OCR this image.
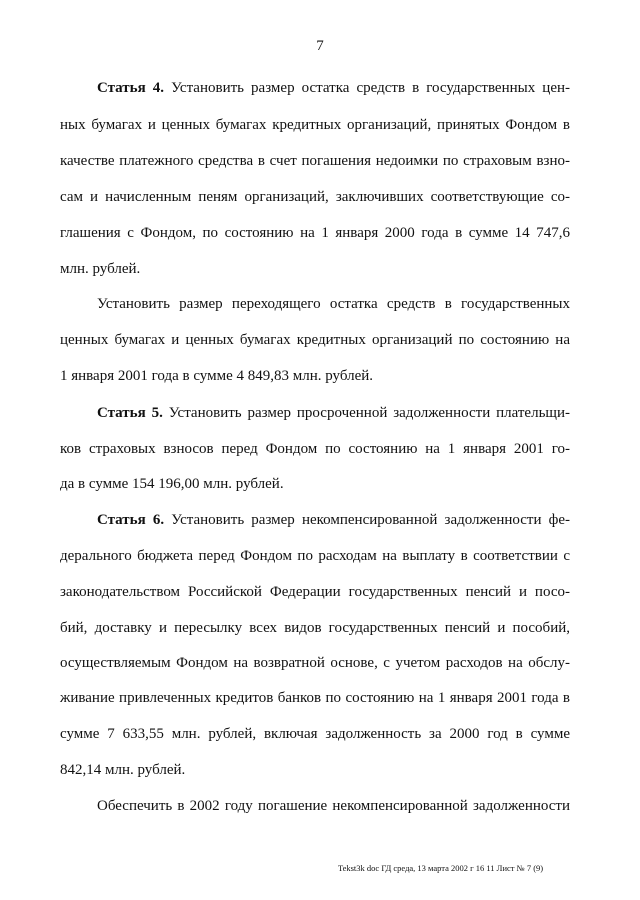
7
Статья 4. Установить размер остатка средств в государственных цен-
ных бумагах и ценных бумагах кредитных организаций, принятых Фондом в
качестве платежного средства в счет погашения недоимки по страховым взно-
сам и начисленным пеням организаций, заключивших соответствующие со-
глашения с Фондом, по состоянию на 1 января 2000 года в сумме 14 747,6
млн. рублей.
Установить размер переходящего остатка средств в государственных
ценных бумагах и ценных бумагах кредитных организаций по состоянию на
1 января 2001 года в сумме 4 849,83 млн. рублей.
Статья 5. Установить размер просроченной задолженности плательщи-
ков страховых взносов перед Фондом по состоянию на 1 января 2001 го-
да в сумме 154 196,00 млн. рублей.
Статья 6. Установить размер некомпенсированной задолженности фе-
дерального бюджета перед Фондом по расходам на выплату в соответствии с
законодательством Российской Федерации государственных пенсий и посо-
бий, доставку и пересылку всех видов государственных пенсий и пособий,
осуществляемым Фондом на возвратной основе, с учетом расходов на обслу-
живание привлеченных кредитов банков по состоянию на 1 января 2001 года в
сумме 7 633,55 млн. рублей, включая задолженность за 2000 год в сумме
842,14 млн. рублей.
Обеспечить в 2002 году погашение некомпенсированной задолженности
Tekst3k doc ГД среда, 13 марта 2002 г 16 11 Лист № 7 (9)
